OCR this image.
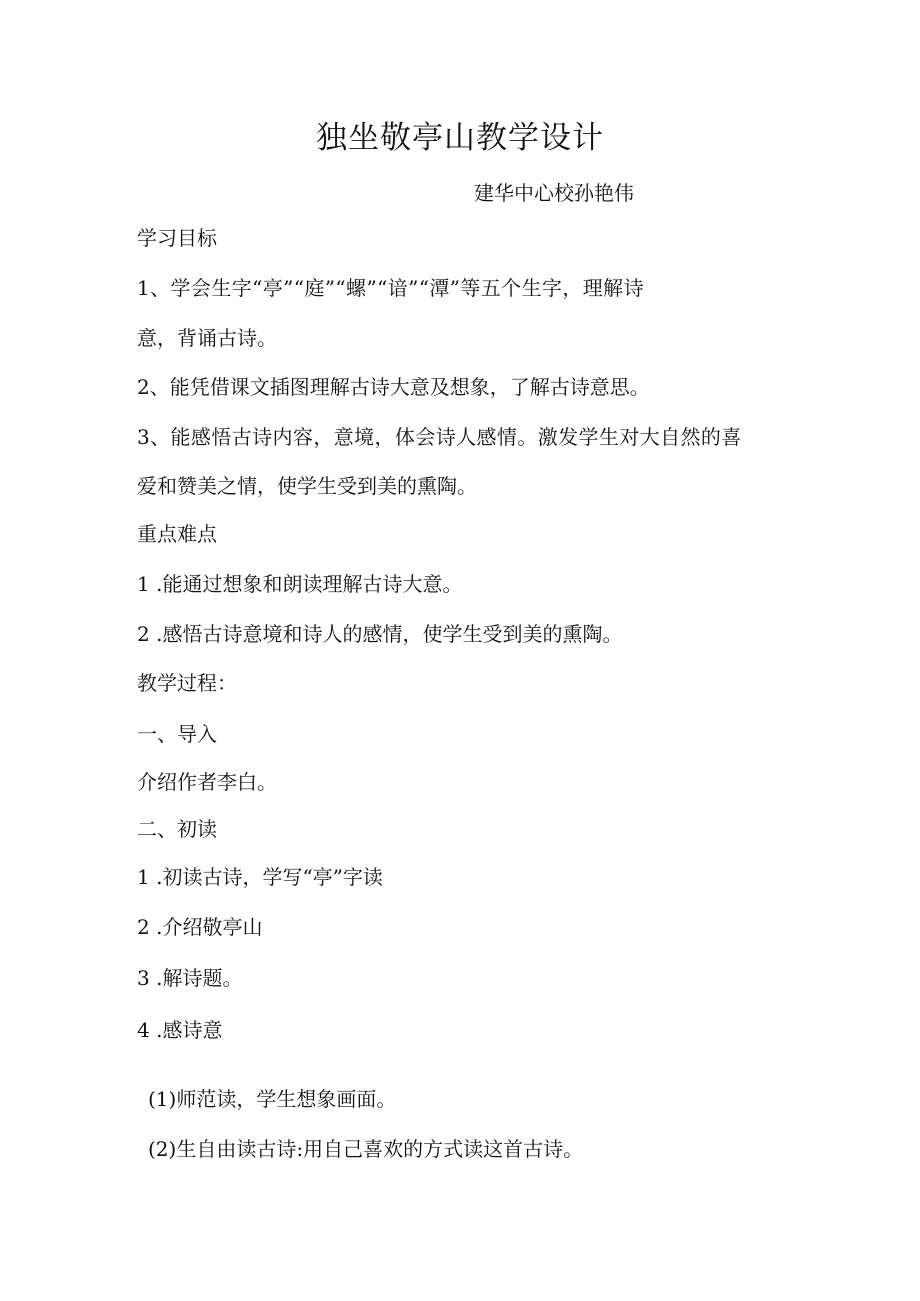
独坐敬亭山教学设计
建华中心校孙艳伟
学习目标
1、学会生字“亭”“庭”“螺”“谙”“潭”等五个生字，理解诗
意，背诵古诗。
2、能凭借课文插图理解古诗大意及想象，了解古诗意思。
3、能感悟古诗内容，意境，体会诗人感情。激发学生对大自然的喜
爱和赞美之情，使学生受到美的熏陶。
重点难点
1 .能通过想象和朗读理解古诗大意。
2 .感悟古诗意境和诗人的感情，使学生受到美的熏陶。
教学过程：
一、导入
介绍作者李白。
二、初读
1 .初读古诗，学写“亭”字读
2 .介绍敬亭山
3 .解诗题。
4 .感诗意
(1)师范读，学生想象画面。
(2)生自由读古诗:用自己喜欢的方式读这首古诗。
